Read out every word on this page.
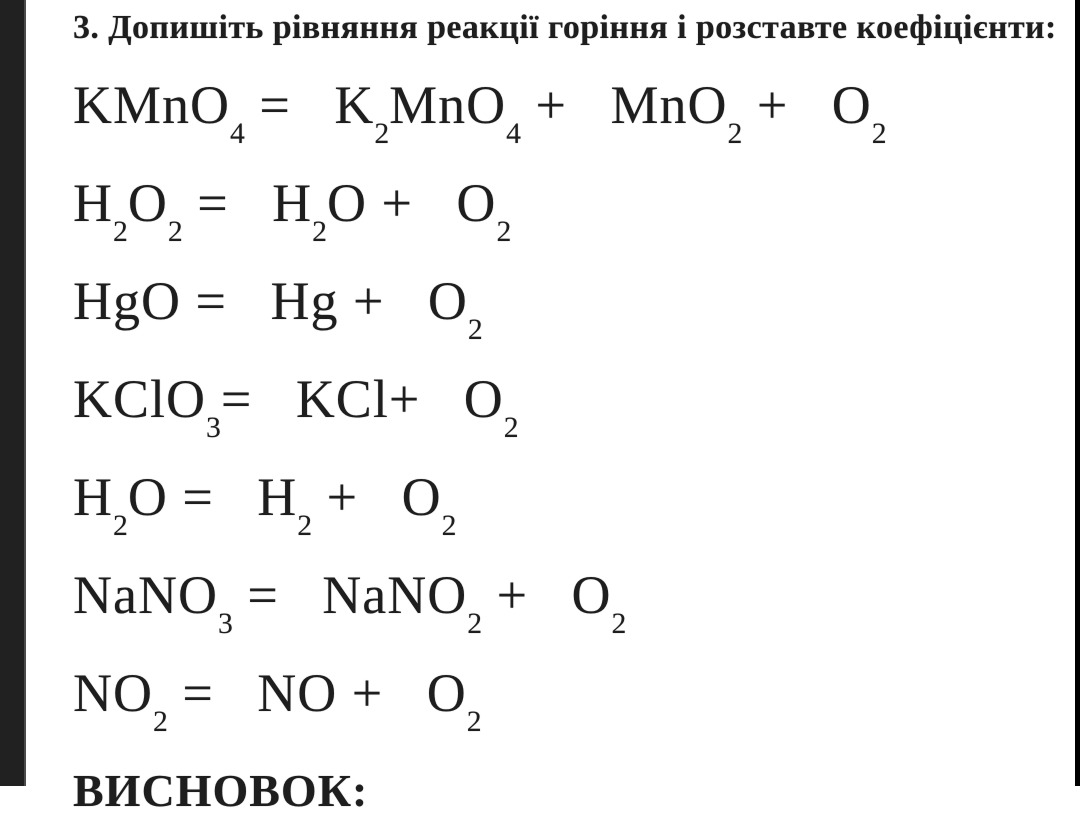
3. Допишіть рівняння реакції горіння і розставте коефіцієнти:
KMnO$_4$ =   $K_2MnO_4 + MnO_2 + O_2$
$H_2O_2 = H_2O + O_2$
HgO =   $Hg + O_2$
KClO$_3$=   $KCl+ O_2$
$H_2O = H_2 + O_2$
NaNO$_3$ =   NaNO$_2$ +   $O_2$
$NO_2$ =   NO +   $O_2$
ВИСНОВОК:
